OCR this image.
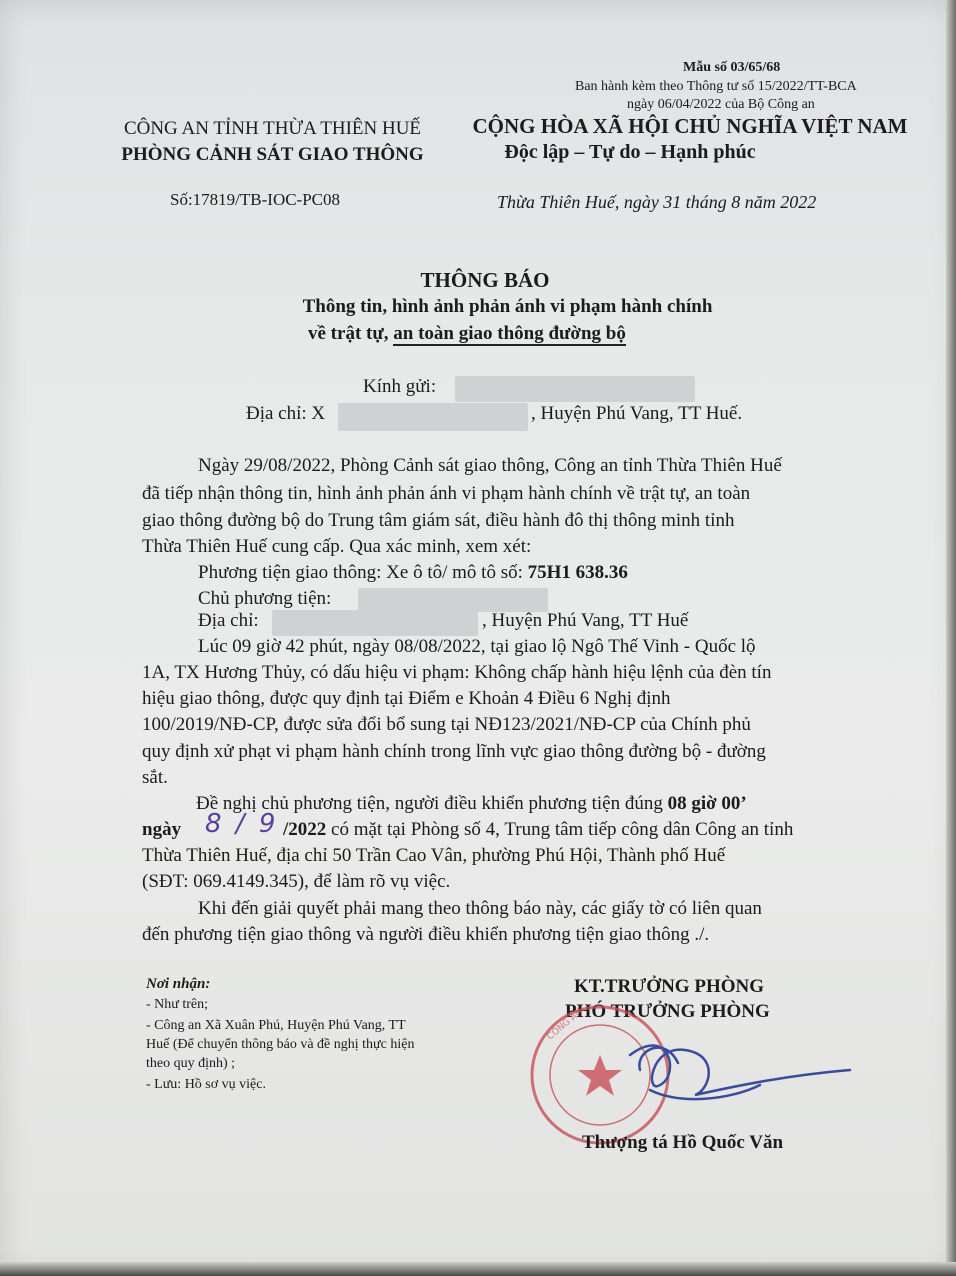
Mẫu số 03/65/68
Ban hành kèm theo Thông tư số 15/2022/TT-BCA
ngày 06/04/2022 của Bộ Công an
CÔNG AN TỈNH THỪA THIÊN HUẾ
PHÒNG CẢNH SÁT GIAO THÔNG
Số:17819/TB-IOC-PC08
CỘNG HÒA XÃ HỘI CHỦ NGHĨA VIỆT NAM
Độc lập – Tự do – Hạnh phúc
Thừa Thiên Huế, ngày 31 tháng 8 năm 2022
THÔNG BÁO
Thông tin, hình ảnh phản ánh vi phạm hành chính
về trật tự, an toàn giao thông đường bộ
Kính gửi:
Địa chỉ: X	, Huyện Phú Vang, TT Huế.
Ngày 29/08/2022, Phòng Cảnh sát giao thông, Công an tỉnh Thừa Thiên Huế
đã tiếp nhận thông tin, hình ảnh phản ánh vi phạm hành chính về trật tự, an toàn
giao thông đường bộ do Trung tâm giám sát, điều hành đô thị thông minh tỉnh
Thừa Thiên Huế cung cấp. Qua xác minh, xem xét:
Phương tiện giao thông: Xe ô tô/ mô tô số: 75H1 638.36
Chủ phương tiện:
Địa chỉ:	, Huyện Phú Vang, TT Huế
Lúc 09 giờ 42 phút, ngày 08/08/2022, tại giao lộ Ngô Thế Vinh - Quốc lộ
1A, TX Hương Thủy, có dấu hiệu vi phạm: Không chấp hành hiệu lệnh của đèn tín
hiệu giao thông, được quy định tại Điểm e Khoản 4 Điều 6 Nghị định
100/2019/NĐ-CP, được sửa đổi bổ sung tại NĐ123/2021/NĐ-CP của Chính phủ
quy định xử phạt vi phạm hành chính trong lĩnh vực giao thông đường bộ - đường
sắt.
Đề nghị chủ phương tiện, người điều khiển phương tiện đúng 08 giờ 00’
ngày 8 / 9 /2022 có mặt tại Phòng số 4, Trung tâm tiếp công dân Công an tỉnh
Thừa Thiên Huế, địa chỉ 50 Trần Cao Vân, phường Phú Hội, Thành phố Huế
(SĐT: 069.4149.345), để làm rõ vụ việc.
Khi đến giải quyết phải mang theo thông báo này, các giấy tờ có liên quan
đến phương tiện giao thông và người điều khiển phương tiện giao thông ./.
Nơi nhận:
- Như trên;
- Công an Xã Xuân Phú, Huyện Phú Vang, TT
Huế (Để chuyển thông báo và đề nghị thực hiện
theo quy định) ;
- Lưu: Hồ sơ vụ việc.
KT.TRƯỞNG PHÒNG
PHÓ TRƯỞNG PHÒNG
CÔNG AN
Thượng tá Hồ Quốc Văn
